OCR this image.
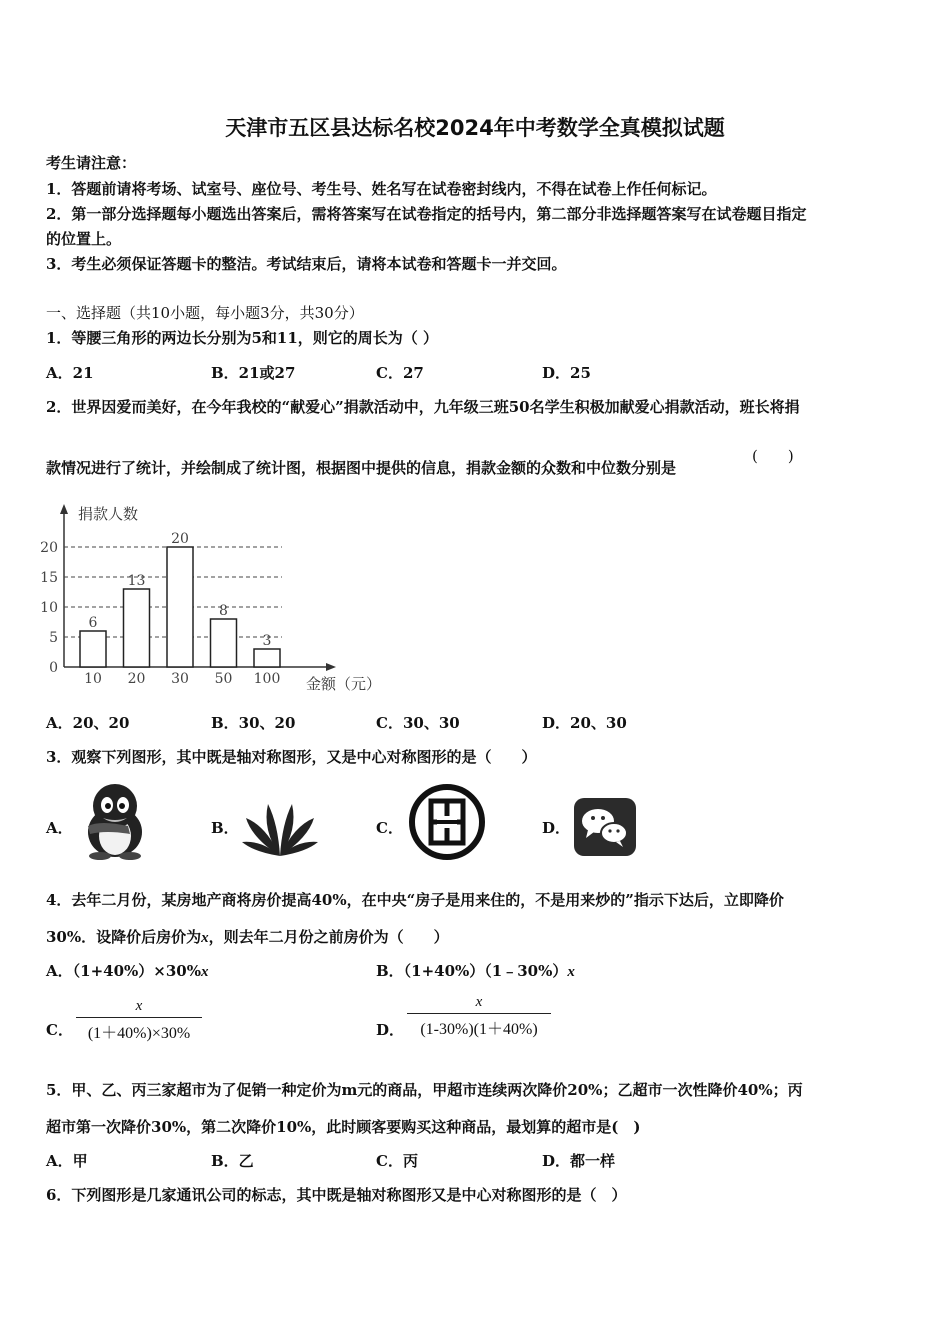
天津市五区县达标名校2024年中考数学全真模拟试题
考生请注意：
1．答题前请将考场、试室号、座位号、考生号、姓名写在试卷密封线内，不得在试卷上作任何标记。
2．第一部分选择题每小题选出答案后，需将答案写在试卷指定的括号内，第二部分非选择题答案写在试卷题目指定
的位置上。
3．考生必须保证答题卡的整洁。考试结束后，请将本试卷和答题卡一并交回。
一、选择题（共10小题，每小题3分，共30分）
1．等腰三角形的两边长分别为5和11，则它的周长为（ ）
A．21	B．21或27	C．27	D．25
2．世界因爱而美好，在今年我校的“献爱心”捐款活动中，九年级三班50名学生积极加献爱心捐款活动，班长将捐
款情况进行了统计，并绘制成了统计图，根据图中提供的信息，捐款金额的众数和中位数分别是
(　　)
捐款人数
金额（元）
0
5
10
15
20
6
10
13
20
20
30
8
50
3
100
A．20、20	B．30、20	C．30、30	D．20、30
3．观察下列图形，其中既是轴对称图形，又是中心对称图形的是（　　）
A．	B．	C．	D．
4．去年二月份，某房地产商将房价提高40%，在中央“房子是用来住的，不是用来炒的”指示下达后，立即降价
30%．设降价后房价为x，则去年二月份之前房价为（　　）
A．（1+40%）×30%x	B．（1+40%）（1﹣30%）x
C．
x
(1＋40%)×30%	D．
x
(1-30%)(1＋40%)
5．甲、乙、丙三家超市为了促销一种定价为m元的商品，甲超市连续两次降价20%；乙超市一次性降价40%；丙
超市第一次降价30%，第二次降价10%，此时顾客要购买这种商品，最划算的超市是(　)
A．甲	B．乙	C．丙	D．都一样
6．下列图形是几家通讯公司的标志，其中既是轴对称图形又是中心对称图形的是（　）
